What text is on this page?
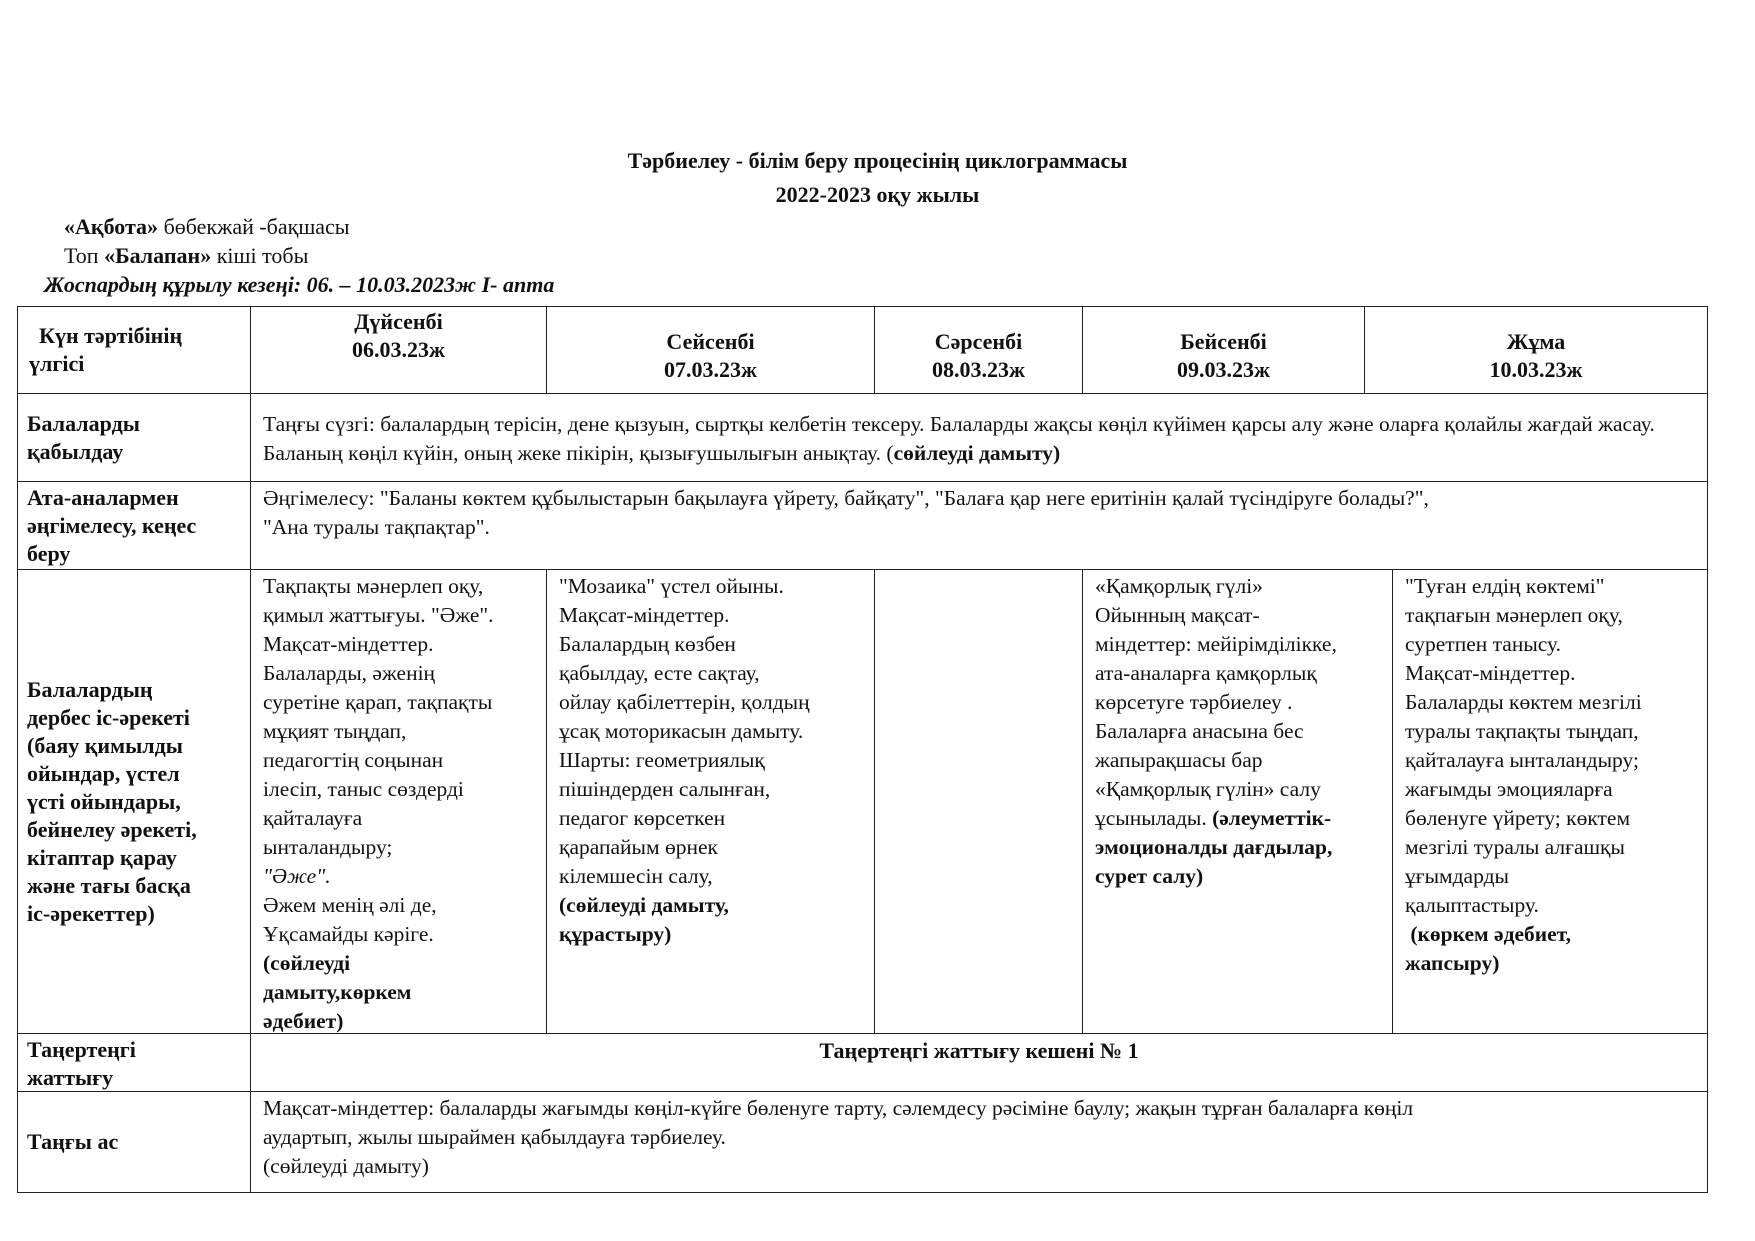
Тәрбиелеу - білім беру процесінің циклограммасы
2022-2023 оқу жылы
«Ақбота» бөбекжай -бақшасы
Топ «Балапан» кіші тобы
Жоспардың құрылу кезеңі: 06. – 10.03.2023ж I- апта
Күн тәртібінің
үлгісі
Дүйсенбі
06.03.23ж	Сейсенбі
07.03.23ж
Сәрсенбі
08.03.23ж
Бейсенбі
09.03.23ж
Жұма
10.03.23ж
Балаларды
қабылдау
Таңғы сүзгі: балалардың терісін, дене қызуын, сыртқы келбетін тексеру. Балаларды жақсы көңіл күйімен қарсы алу және оларға қолайлы жағдай жасау. Баланың көңіл күйін, оның жеке пікірін, қызығушылығын анықтау. (сөйлеуді дамыту)
Ата-аналармен
әңгімелесу, кеңес
беру
Әңгімелесу: "Баланы көктем құбылыстарын бақылауға үйрету, байқату", "Балаға қар неге еритінін қалай түсіндіруге болады?",
"Ана туралы тақпақтар".
Балалардың
дербес іс-әрекеті
(баяу қимылды
ойындар, үстел
үсті ойындары,
бейнелеу әрекеті,
кітаптар қарау
және тағы басқа
іс-әрекеттер)
Тақпақты мәнерлеп оқу,
қимыл жаттығуы. "Әже".
Мақсат-міндеттер.
Балаларды, әженің
суретіне қарап, тақпақты
мұқият тыңдап,
педагогтің соңынан
ілесіп, таныс сөздерді
қайталауға
ынталандыру;
"Әже".
Әжем менің әлі де,
Ұқсамайды кәріге.
(сөйлеуді
дамыту,көркем
әдебиет)
"Мозаика" үстел ойыны.
Мақсат-міндеттер.
Балалардың көзбен
қабылдау, есте сақтау,
ойлау қабілеттерін, қолдың
ұсақ моторикасын дамыту.
Шарты: геометриялық
пішіндерден салынған,
педагог көрсеткен
қарапайым өрнек
кілемшесін салу,
(сөйлеуді дамыту,
құрастыру)
«Қамқорлық гүлі»
Ойынның мақсат-
міндеттер: мейірімділікке,
ата-аналарға қамқорлық
көрсетуге тәрбиелеу .
Балаларға анасына бес
жапырақшасы бар
«Қамқорлық гүлін» салу
ұсынылады. (әлеуметтік-
эмоционалды дағдылар,
сурет салу)
"Туған елдің көктемі"
тақпағын мәнерлеп оқу,
суретпен танысу.
Мақсат-міндеттер.
Балаларды көктем мезгілі
туралы тақпақты тыңдап,
қайталауға ынталандыру;
жағымды эмоцияларға
бөленуге үйрету; көктем
мезгілі туралы алғашқы
ұғымдарды
қалыптастыру.
(көркем әдебиет,
жапсыру)
Таңертеңгі
жаттығу
Таңертеңгі жаттығу кешені № 1
Таңғы ас
Мақсат-міндеттер: балаларды жағымды көңіл-күйге бөленуге тарту, сәлемдесу рәсіміне баулу; жақын тұрған балаларға көңіл
аудартып, жылы шыраймен қабылдауға тәрбиелеу.
(сөйлеуді дамыту)
